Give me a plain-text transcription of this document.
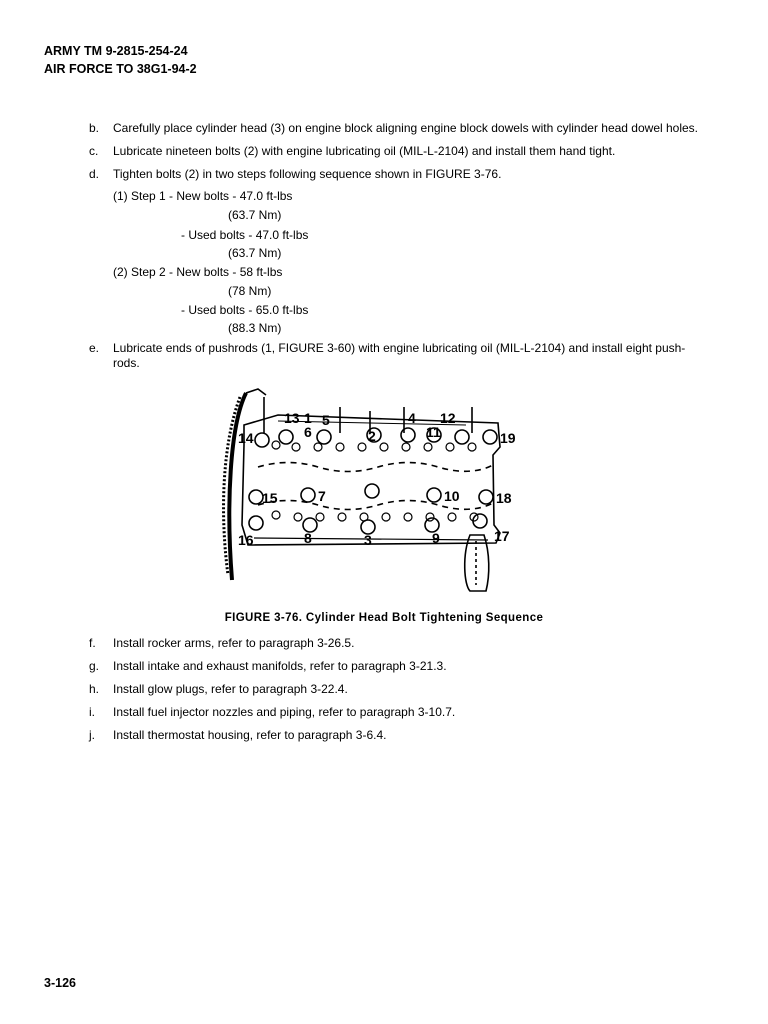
ARMY TM 9-2815-254-24
AIR FORCE TO 38G1-94-2
b. Carefully place cylinder head (3) on engine block aligning engine block dowels with cylinder head dowel holes.
c. Lubricate nineteen bolts (2) with engine lubricating oil (MIL-L-2104) and install them hand tight.
d. Tighten bolts (2) in two steps following sequence shown in FIGURE 3-76.
(1) Step 1 - New bolts - 47.0 ft-lbs
(63.7 Nm)
- Used bolts - 47.0 ft-lbs
(63.7 Nm)
(2) Step 2 - New bolts - 58 ft-lbs
(78 Nm)
- Used bolts - 65.0 ft-lbs
(88.3 Nm)
e. Lubricate ends of pushrods (1, FIGURE 3-60) with engine lubricating oil (MIL-L-2104) and install eight push-
rods.
1
2
3
4
5
6
7
8	9
10
11
12
13
14
15
16	17
18
19
FIGURE 3-76. Cylinder Head Bolt Tightening Sequence
f. Install rocker arms, refer to paragraph 3-26.5.
g. Install intake and exhaust manifolds, refer to paragraph 3-21.3.
h. Install glow plugs, refer to paragraph 3-22.4.
i. Install fuel injector nozzles and piping, refer to paragraph 3-10.7.
j. Install thermostat housing, refer to paragraph 3-6.4.
3-126
